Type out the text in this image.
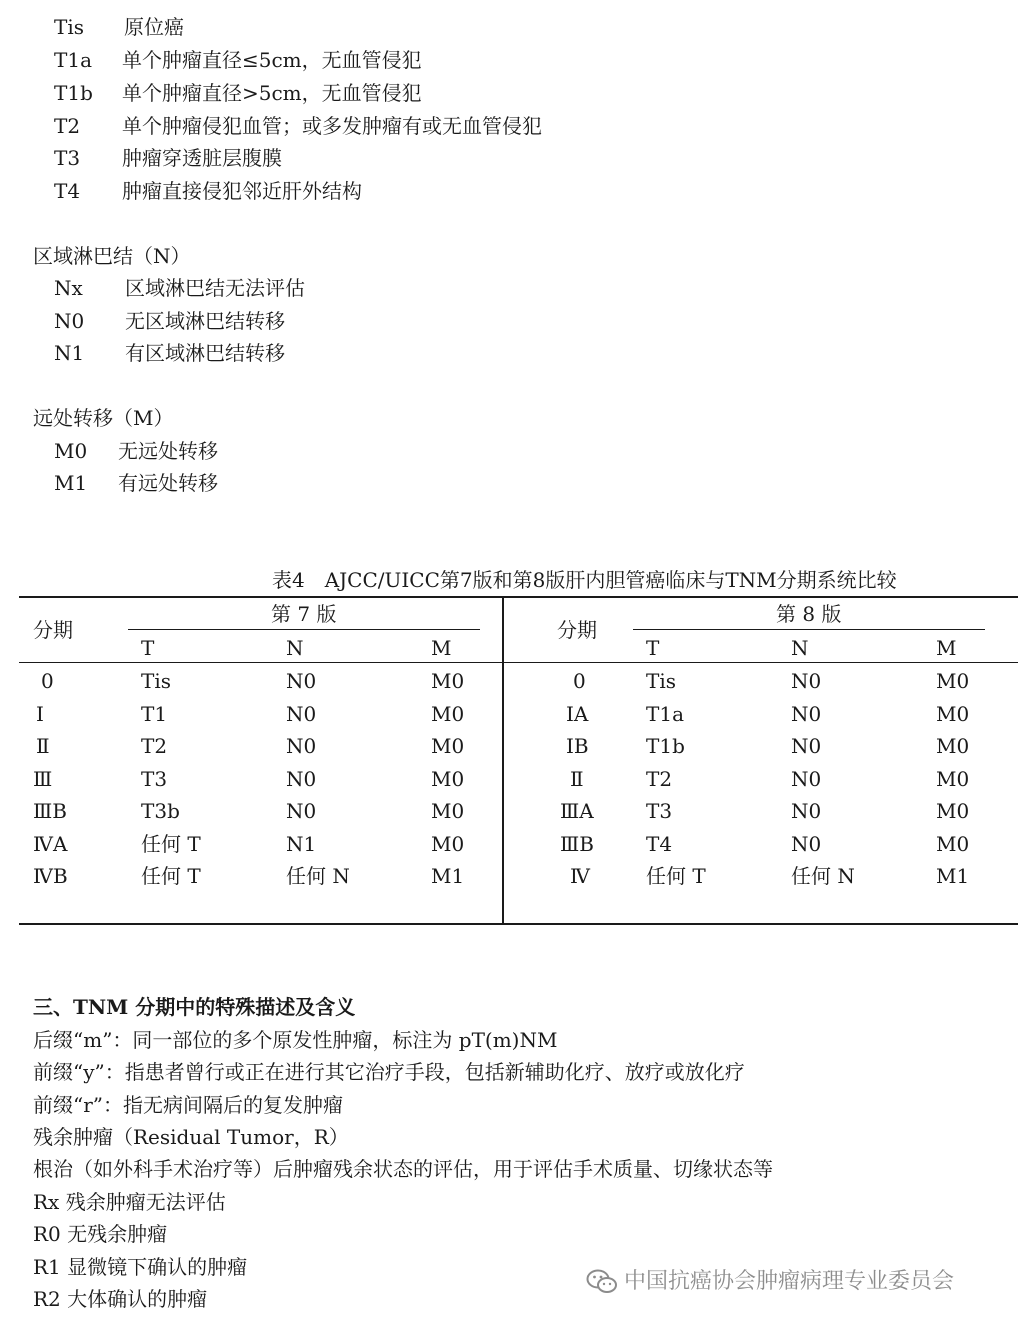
Tis 原位癌
T1a 单个肿瘤直径≤5cm，无血管侵犯
T1b 单个肿瘤直径>5cm，无血管侵犯
T2 单个肿瘤侵犯血管；或多发肿瘤有或无血管侵犯
T3 肿瘤穿透脏层腹膜
T4 肿瘤直接侵犯邻近肝外结构
区域淋巴结（N）
Nx 区域淋巴结无法评估
N0 无区域淋巴结转移
N1 有区域淋巴结转移
远处转移（M）
M0 无远处转移
M1 有远处转移
表4　AJCC/UICC第7版和第8版肝内胆管癌临床与TNM分期系统比较
分期
第 7 版
T	N	M
分期
第 8 版
T	N	M
0	Tis	N0	M0
Ⅰ	T1	N0	M0
Ⅱ	T2	N0	M0
Ⅲ	T3	N0	M0
ⅢB	T3b	N0	M0
ⅣA	任何 T	N1	M0
ⅣB	任何 T	任何 N	M1
0	Tis	N0	M0
ⅠA	T1a	N0	M0
ⅠB	T1b	N0	M0
Ⅱ	T2	N0	M0
ⅢA	T3	N0	M0
ⅢB	T4	N0	M0
Ⅳ	任何 T	任何 N	M1
三、TNM 分期中的特殊描述及含义
后缀“m”：同一部位的多个原发性肿瘤，标注为 pT(m)NM
前缀“y”：指患者曾行或正在进行其它治疗手段，包括新辅助化疗、放疗或放化疗
前缀“r”：指无病间隔后的复发肿瘤
残余肿瘤（Residual Tumor，R）
根治（如外科手术治疗等）后肿瘤残余状态的评估，用于评估手术质量、切缘状态等
Rx 残余肿瘤无法评估
R0 无残余肿瘤
R1 显微镜下确认的肿瘤
R2 大体确认的肿瘤
中国抗癌协会肿瘤病理专业委员会
